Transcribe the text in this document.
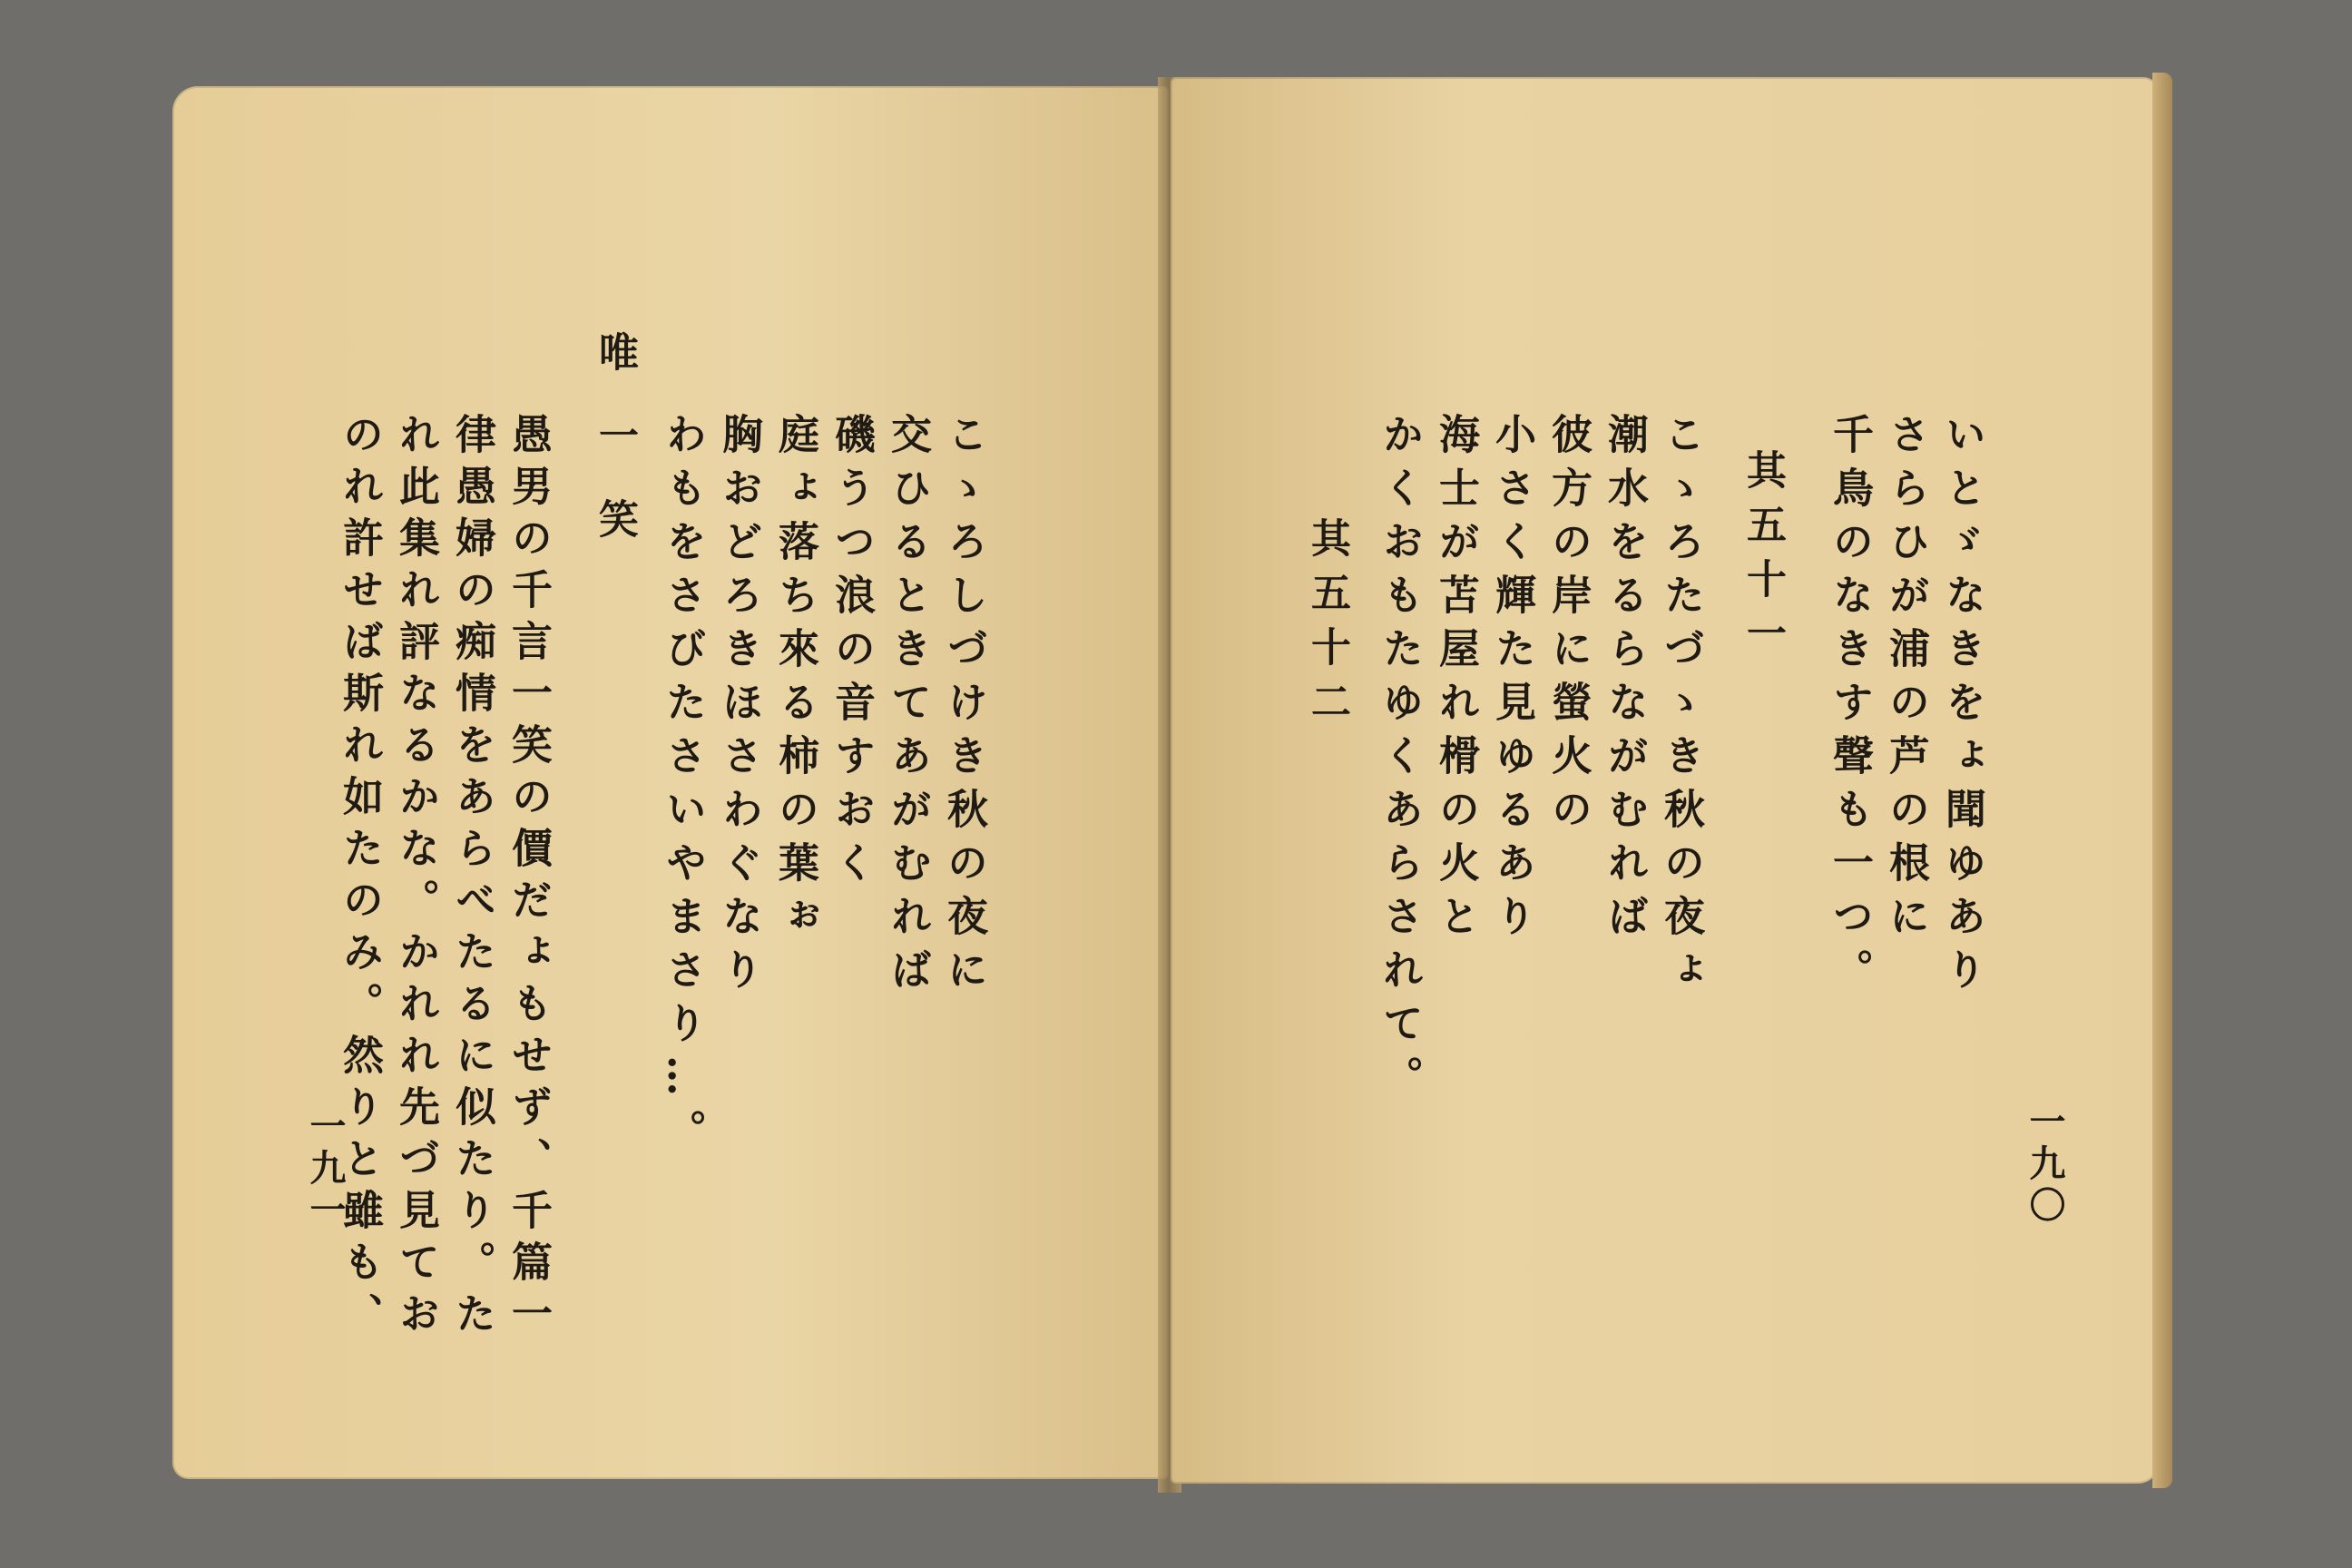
こゝろしづけき秋の夜に
交ひるときてあがむれば
磯うつ浪の音すおく
庭ょ落ち來る柿の葉ぉ
胸おどろきほさわぐなり
わもをさびたさいやまさり…。
唯一笑
愚男の千言一笑の價だょもせず、千篇一
律愚婦の痴情をあらべたるに似たり。た
れ此集れ評なるかな。かれれ先づ見てお
のれ許せば斯れ如たのみ。然りと雖も、
一九一	一九〇
いとゞなきをょ聞ゆあり
さらひが浦の芦の根に
千鳥のなきす聲も一つ。
其五十一
こゝろたづゝき秋の夜ょ
潮水をるらながむれば
彼方の岸に螢火の
小さく輝た見ゆるあり
海士が苫屋れ榾の火と
かくおもたゆくあらされて。
其五十二
